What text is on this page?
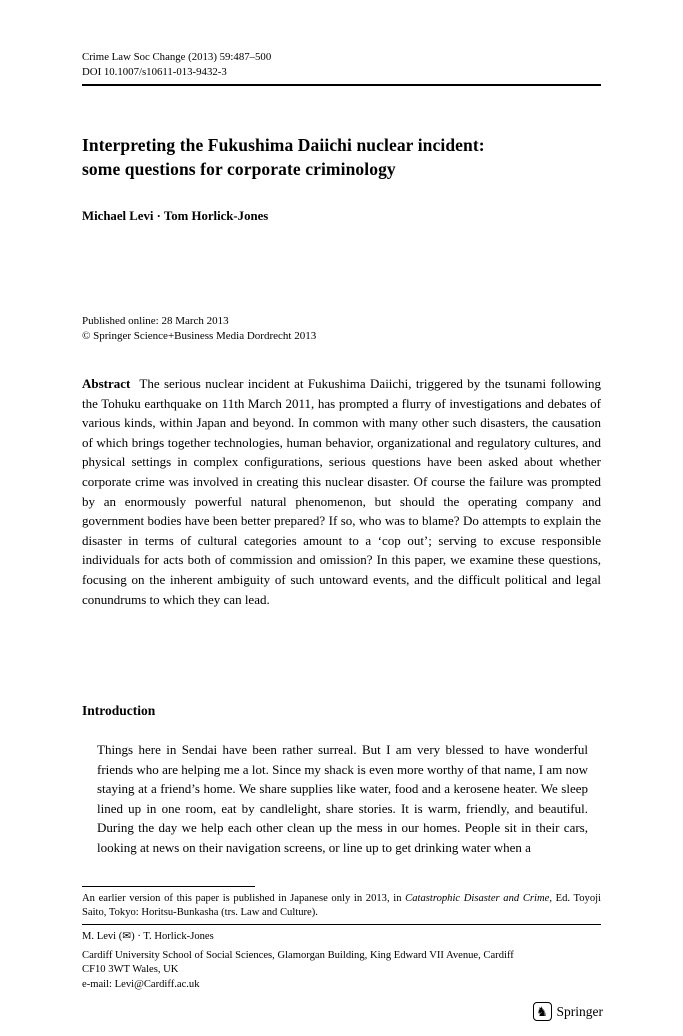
Crime Law Soc Change (2013) 59:487–500
DOI 10.1007/s10611-013-9432-3
Interpreting the Fukushima Daiichi nuclear incident:
some questions for corporate criminology
Michael Levi · Tom Horlick-Jones
Published online: 28 March 2013
© Springer Science+Business Media Dordrecht 2013
Abstract The serious nuclear incident at Fukushima Daiichi, triggered by the tsunami following the Tohuku earthquake on 11th March 2011, has prompted a flurry of investigations and debates of various kinds, within Japan and beyond. In common with many other such disasters, the causation of which brings together technologies, human behavior, organizational and regulatory cultures, and physical settings in complex configurations, serious questions have been asked about whether corporate crime was involved in creating this nuclear disaster. Of course the failure was prompted by an enormously powerful natural phenomenon, but should the operating company and government bodies have been better prepared? If so, who was to blame? Do attempts to explain the disaster in terms of cultural categories amount to a ‘cop out’; serving to excuse responsible individuals for acts both of commission and omission? In this paper, we examine these questions, focusing on the inherent ambiguity of such untoward events, and the difficult political and legal conundrums to which they can lead.
Introduction
Things here in Sendai have been rather surreal. But I am very blessed to have wonderful friends who are helping me a lot. Since my shack is even more worthy of that name, I am now staying at a friend’s home. We share supplies like water, food and a kerosene heater. We sleep lined up in one room, eat by candlelight, share stories. It is warm, friendly, and beautiful. During the day we help each other clean up the mess in our homes. People sit in their cars, looking at news on their navigation screens, or line up to get drinking water when a
An earlier version of this paper is published in Japanese only in 2013, in Catastrophic Disaster and Crime, Ed. Toyoji Saito, Tokyo: Horitsu-Bunkasha (trs. Law and Culture).
M. Levi (✉) · T. Horlick-Jones
Cardiff University School of Social Sciences, Glamorgan Building, King Edward VII Avenue, Cardiff
CF10 3WT Wales, UK
e-mail: Levi@Cardiff.ac.uk
♞ Springer
